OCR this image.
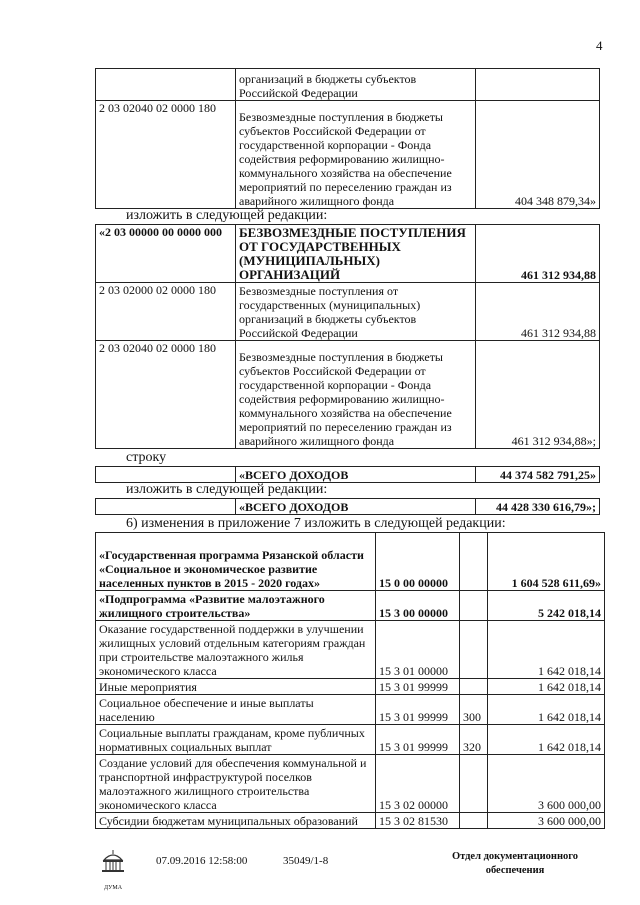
4
	организаций в бюджеты субъектов Российской Федерации	
2 03 02040 02 0000 180	Безвозмездные поступления в бюджеты субъектов Российской Федерации от государственной корпорации - Фонда содействия реформированию жилищно-коммунального хозяйства на обеспечение мероприятий по переселению граждан из аварийного жилищного фонда	404 348 879,34»
изложить в следующей редакции:
«2 03 00000 00 0000 000	БЕЗВОЗМЕЗДНЫЕ ПОСТУПЛЕНИЯ ОТ ГОСУДАРСТВЕННЫХ (МУНИЦИПАЛЬНЫХ) ОРГАНИЗАЦИЙ	461 312 934,88
2 03 02000 02 0000 180	Безвозмездные поступления от государственных (муниципальных) организаций в бюджеты субъектов Российской Федерации	461 312 934,88
2 03 02040 02 0000 180	Безвозмездные поступления в бюджеты субъектов Российской Федерации от государственной корпорации - Фонда содействия реформированию жилищно-коммунального хозяйства на обеспечение мероприятий по переселению граждан из аварийного жилищного фонда	461 312 934,88»;
строку
	«ВСЕГО ДОХОДОВ	44 374 582 791,25»
изложить в следующей редакции:
	«ВСЕГО ДОХОДОВ	44 428 330 616,79»;
6) изменения в приложение 7 изложить в следующей редакции:
«Государственная программа Рязанской области «Социальное и экономическое развитие населенных пунктов в 2015 - 2020 годах»	15 0 00 00000		1 604 528 611,69»
«Подпрограмма «Развитие малоэтажного жилищного строительства»	15 3 00 00000		5 242 018,14
Оказание государственной поддержки в улучшении жилищных условий отдельным категориям граждан при строительстве малоэтажного жилья экономического класса	15 3 01 00000		1 642 018,14
Иные мероприятия	15 3 01 99999		1 642 018,14
Социальное обеспечение и иные выплаты населению	15 3 01 99999	300	1 642 018,14
Социальные выплаты гражданам, кроме публичных нормативных социальных выплат	15 3 01 99999	320	1 642 018,14
Создание условий для обеспечения коммунальной и транспортной инфраструктурой поселков малоэтажного жилищного строительства экономического класса	15 3 02 00000		3 600 000,00
Субсидии бюджетам муниципальных образований	15 3 02 81530		3 600 000,00
ДУМА
07.09.2016 12:58:00	35049/1-8	Отдел документационного
обеспечения
